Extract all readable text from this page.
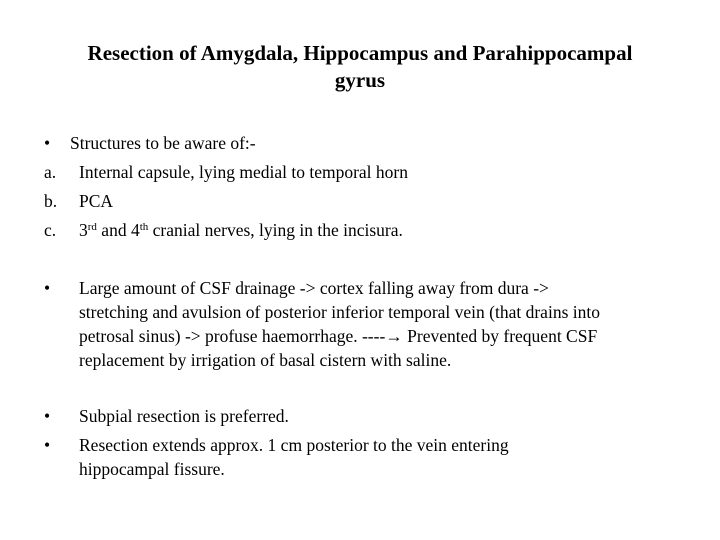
Resection of Amygdala, Hippocampus and Parahippocampal
gyrus
• Structures to be aware of:-
a. Internal capsule, lying medial to temporal horn
b. PCA
c. 3rd and 4th cranial nerves, lying in the incisura.
• Large amount of CSF drainage -> cortex falling away from dura ->
stretching and avulsion of posterior inferior temporal vein (that drains into
petrosal sinus) -> profuse haemorrhage. ----→ Prevented by frequent CSF
replacement by irrigation of basal cistern with saline.
• Subpial resection is preferred.
• Resection extends approx. 1 cm posterior to the vein entering
hippocampal fissure.
